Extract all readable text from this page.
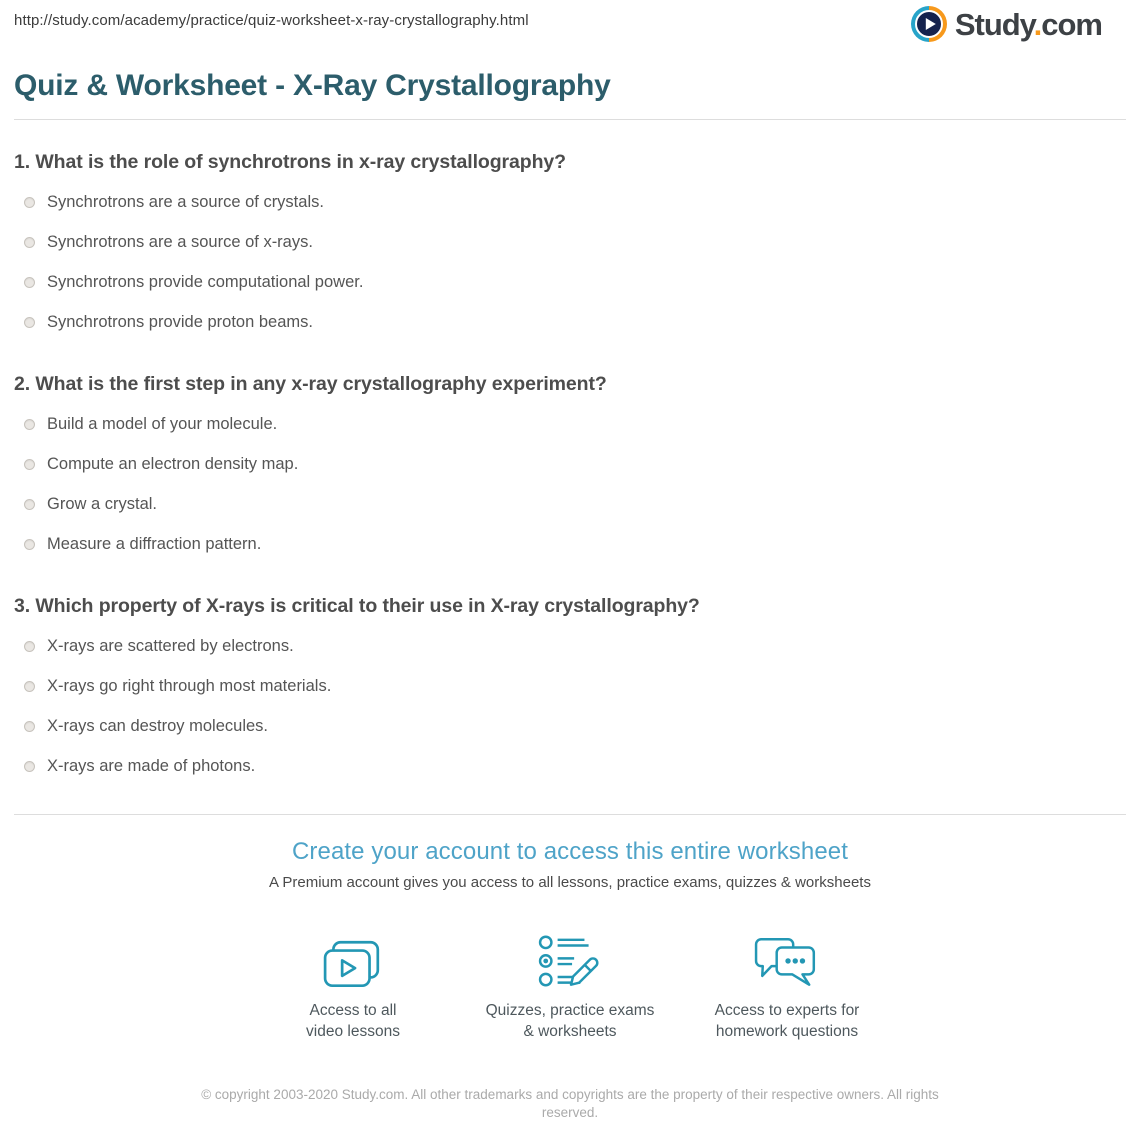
http://study.com/academy/practice/quiz-worksheet-x-ray-crystallography.html	Study.com
Quiz & Worksheet - X-Ray Crystallography
1. What is the role of synchrotrons in x-ray crystallography?
Synchrotrons are a source of crystals.
Synchrotrons are a source of x-rays.
Synchrotrons provide computational power.
Synchrotrons provide proton beams.
2. What is the first step in any x-ray crystallography experiment?
Build a model of your molecule.
Compute an electron density map.
Grow a crystal.
Measure a diffraction pattern.
3. Which property of X-rays is critical to their use in X-ray crystallography?
X-rays are scattered by electrons.
X-rays go right through most materials.
X-rays can destroy molecules.
X-rays are made of photons.
Create your account to access this entire worksheet
A Premium account gives you access to all lessons, practice exams, quizzes & worksheets
Access to all
video lessons
Quizzes, practice exams
& worksheets
Access to experts for
homework questions
© copyright 2003-2020 Study.com. All other trademarks and copyrights are the property of their respective owners. All rights reserved.
